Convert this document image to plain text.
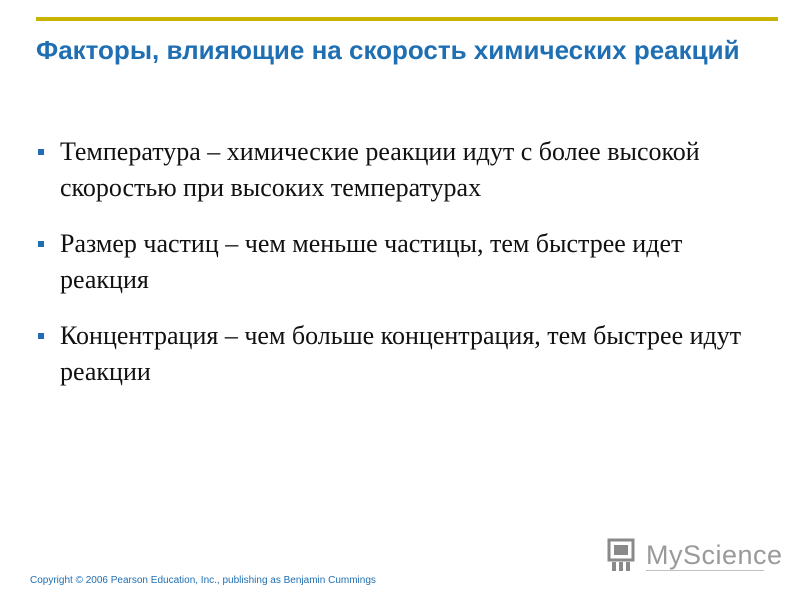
Факторы, влияющие на скорость химических реакций
Температура – химические реакции идут с более высокой скоростью при высоких температурах
Размер частиц – чем меньше частицы, тем быстрее идет реакция
Концентрация – чем больше концентрация, тем быстрее идут реакции
Copyright © 2006 Pearson Education, Inc., publishing as Benjamin Cummings
MyScience
